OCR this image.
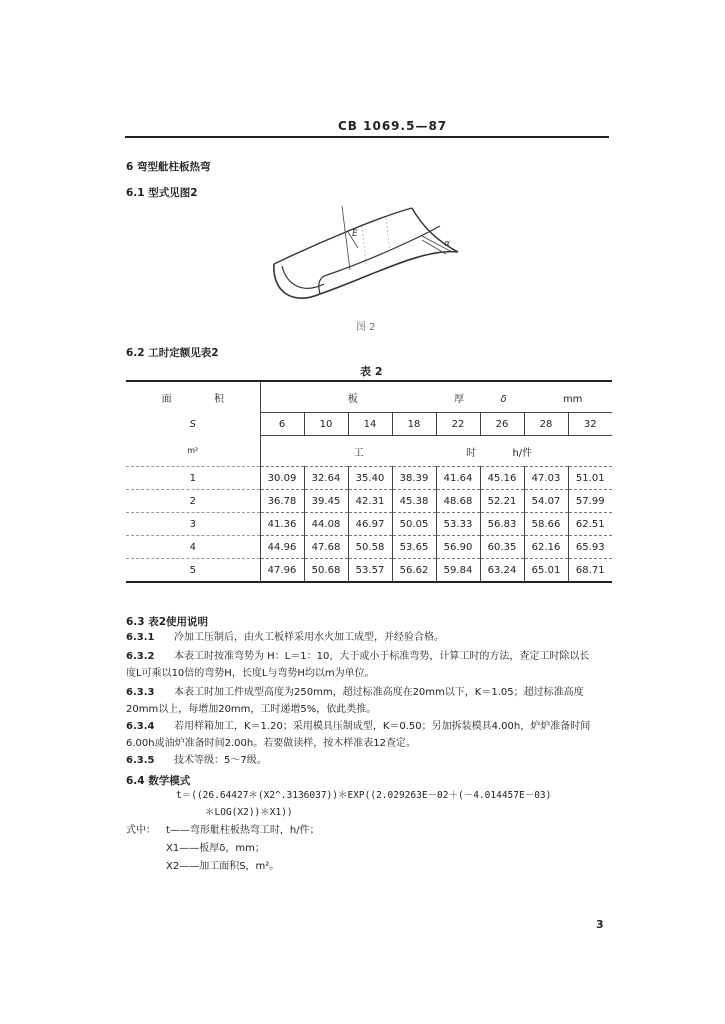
CB 1069.5—87
6 弯型舭柱板热弯
6.1 型式见图2
E
α
图 2
6.2 工时定额见表2
表 2
面 积	板 厚 δ mm							
S	6	10	14	18	22	26	28	32
m²	工 时 h/件							
1	30.09	32.64	35.40	38.39	41.64	45.16	47.03	51.01
2	36.78	39.45	42.31	45.38	48.68	52.21	54.07	57.99
3	41.36	44.08	46.97	50.05	53.33	56.83	58.66	62.51
4	44.96	47.68	50.58	53.65	56.90	60.35	62.16	65.93
5	47.96	50.68	53.57	56.62	59.84	63.24	65.01	68.71
6.3 表2使用说明
6.3.1 冷加工压制后，由火工板样采用水火加工成型，并经验合格。
6.3.2 本表工时按准弯势为 H：L＝1：10，大于或小于标准弯势，计算工时的方法，查定工时除以长
度L可乘以10倍的弯势H，长度L与弯势H均以m为单位。
6.3.3 本表工时加工件成型高度为250mm，超过标准高度在20mm以下，K＝1.05；超过标准高度
20mm以上，每增加20mm，工时递增5%，依此类推。
6.3.4 若用样箱加工，K＝1.20；采用模具压制成型，K＝0.50；另加拆装模具4.00h，炉炉准备时间
6.00h或油炉准备时间2.00h。若要做读样，按木样准表12查定。
6.3.5 技术等级：5～7级。
6.4 数学模式
t＝((26.64427＊(X2^.3136037))＊EXP((2.029263E－02＋(－4.014457E－03)
＊LOG(X2))＊X1))
式中： t——弯形舭柱板热弯工时，h/件；
X1——板厚δ，mm；
X2——加工面积S，m²。
3
